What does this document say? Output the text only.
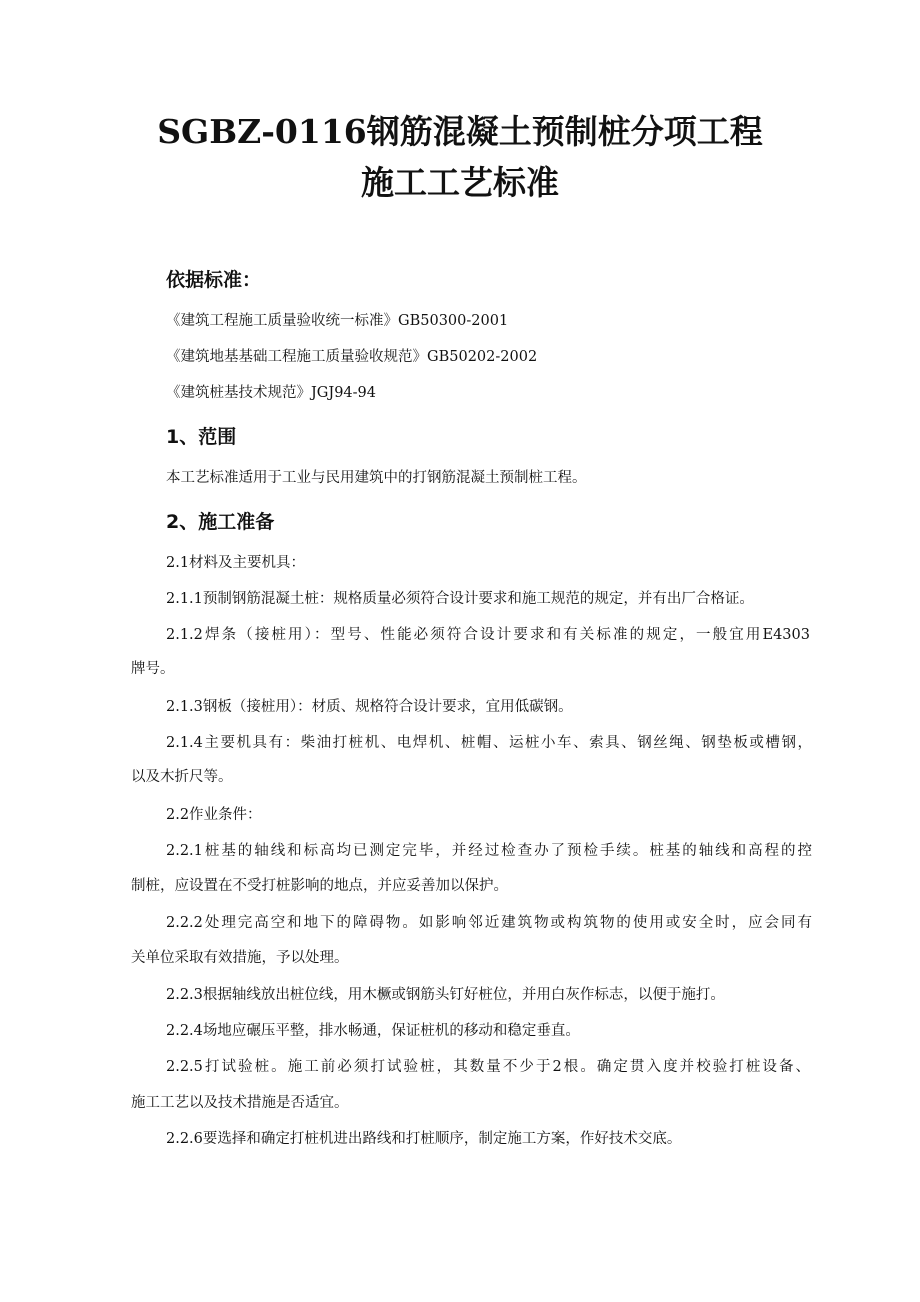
SGBZ-0116钢筋混凝土预制桩分项工程
施工工艺标准
依据标准：
《建筑工程施工质量验收统一标准》GB50300-2001
《建筑地基基础工程施工质量验收规范》GB50202-2002
《建筑桩基技术规范》JGJ94-94
1、范围
本工艺标准适用于工业与民用建筑中的打钢筋混凝土预制桩工程。
2、施工准备
2.1材料及主要机具：
2.1.1预制钢筋混凝土桩：规格质量必须符合设计要求和施工规范的规定，并有出厂合格证。
2.1.2焊条（接桩用）：型号、性能必须符合设计要求和有关标准的规定，一般宜用E4303
牌号。
2.1.3钢板（接桩用）：材质、规格符合设计要求，宜用低碳钢。
2.1.4主要机具有：柴油打桩机、电焊机、桩帽、运桩小车、索具、钢丝绳、钢垫板或槽钢，
以及木折尺等。
2.2作业条件：
2.2.1桩基的轴线和标高均已测定完毕，并经过检查办了预检手续。桩基的轴线和高程的控
制桩，应设置在不受打桩影响的地点，并应妥善加以保护。
2.2.2处理完高空和地下的障碍物。如影响邻近建筑物或构筑物的使用或安全时，应会同有
关单位采取有效措施，予以处理。
2.2.3根据轴线放出桩位线，用木橛或钢筋头钉好桩位，并用白灰作标志，以便于施打。
2.2.4场地应碾压平整，排水畅通，保证桩机的移动和稳定垂直。
2.2.5打试验桩。施工前必须打试验桩，其数量不少于2根。确定贯入度并校验打桩设备、
施工工艺以及技术措施是否适宜。
2.2.6要选择和确定打桩机进出路线和打桩顺序，制定施工方案，作好技术交底。
